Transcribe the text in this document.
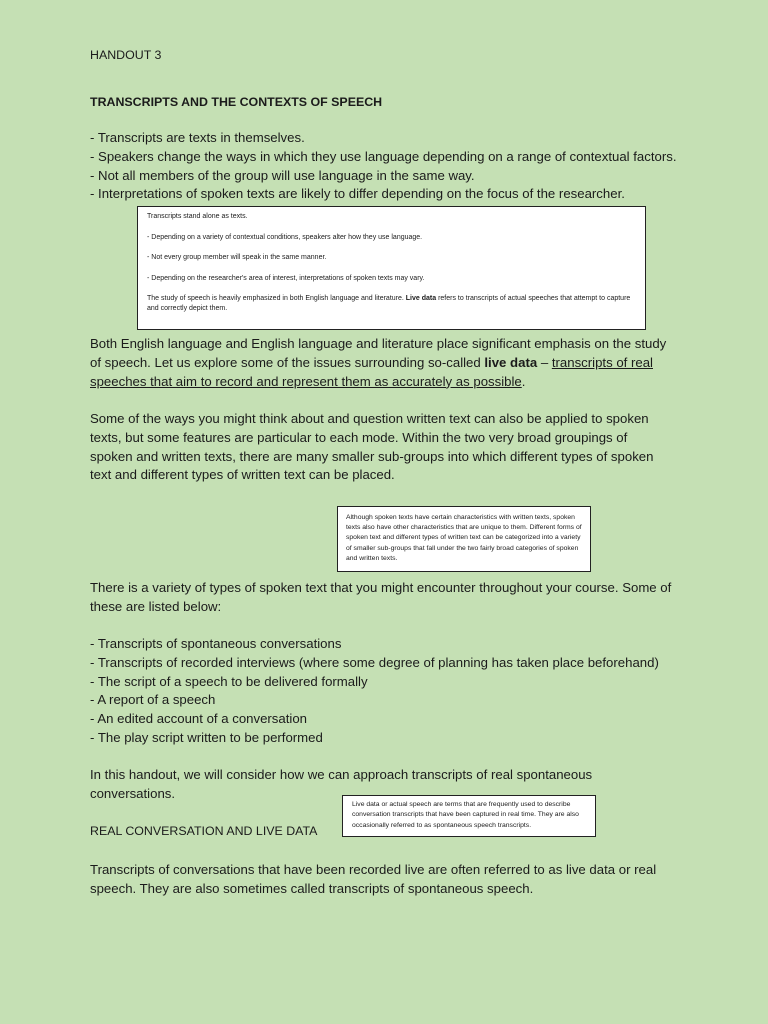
HANDOUT 3
TRANSCRIPTS AND THE CONTEXTS OF SPEECH

- Transcripts are texts in themselves.

- Speakers change the ways in which they use language depending on a range of contextual factors.

- Not all members of the group will use language in the same way.

- Interpretations of spoken texts are likely to differ depending on the focus of the researcher.

Transcripts stand alone as texts.

- Depending on a variety of contextual conditions, speakers alter how they use language.

- Not every group member will speak in the same manner.

- Depending on the researcher's area of interest, interpretations of spoken texts may vary.

The study of speech is heavily emphasized in both English language and literature. Live data refers to transcripts of actual speeches that attempt to capture and correctly depict them.

Both English language and English language and literature place significant emphasis on the study of speech. Let us explore some of the issues surrounding so-called live data – transcripts of real speeches that aim to record and represent them as accurately as possible.
Some of the ways you might think about and question written text can also be applied to spoken texts, but some features are particular to each mode. Within the two very broad groupings of spoken and written texts, there are many smaller sub-groups into which different types of spoken text and different types of written text can be placed.
Although spoken texts have certain characteristics with written texts, spoken texts also have other characteristics that are unique to them. Different forms of spoken text and different types of written text can be categorized into a variety of smaller sub-groups that fall under the two fairly broad categories of spoken and written texts.
There is a variety of types of spoken text that you might encounter throughout your course. Some of these are listed below:

- Transcripts of spontaneous conversations

- Transcripts of recorded interviews (where some degree of planning has taken place beforehand)

- The script of a speech to be delivered formally

- A report of a speech

- An edited account of a conversation

- The play script written to be performed

In this handout, we will consider how we can approach transcripts of real spontaneous conversations.
Live data or actual speech are terms that are frequently used to describe conversation transcripts that have been captured in real time. They are also occasionally referred to as spontaneous speech transcripts.
REAL CONVERSATION AND LIVE DATA
Transcripts of conversations that have been recorded live are often referred to as live data or real speech. They are also sometimes called transcripts of spontaneous speech.
